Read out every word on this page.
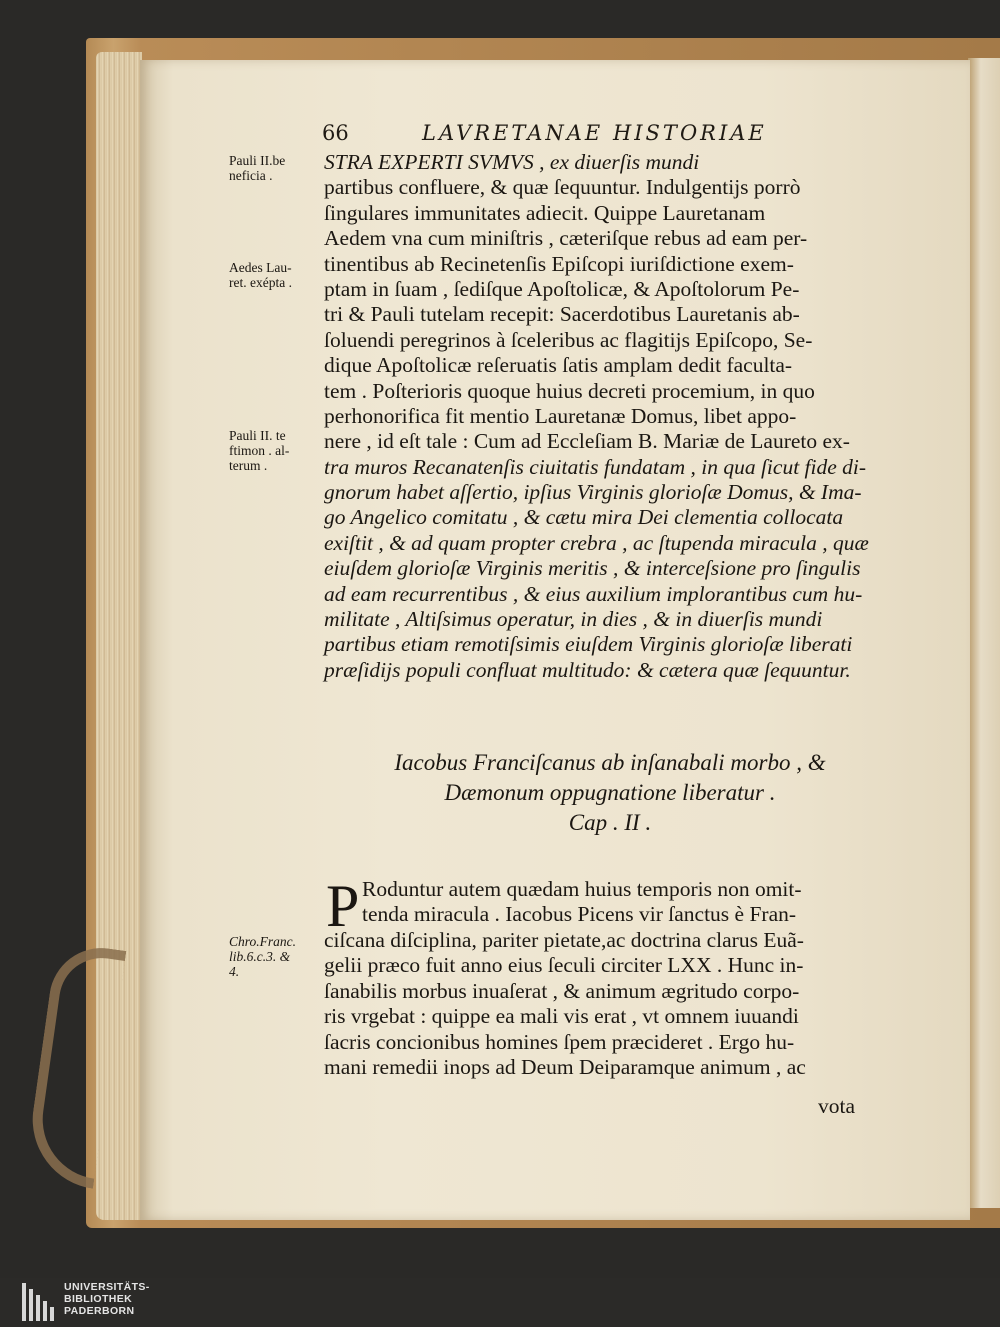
66	LAVRETANAE HISTORIAE
Pauli II.be
neficia .
Aedes Lau-
ret. exépta .
Pauli II. te
ftimon . al-
terum .
Chro.Franc.
lib.6.c.3. &
4.
STRA EXPERTI SVMVS , ex diuerſis mundi
partibus confluere, & quæ ſequuntur. Indulgentijs porrò
ſingulares immunitates adiecit. Quippe Lauretanam
Aedem vna cum miniſtris , cæteriſque rebus ad eam per-
tinentibus ab Recinetenſis Epiſcopi iuriſdictione exem-
ptam in ſuam , ſediſque Apoſtolicæ, & Apoſtolorum Pe-
tri & Pauli tutelam recepit: Sacerdotibus Lauretanis ab-
ſoluendi peregrinos à ſceleribus ac flagitijs Epiſcopo, Se-
dique Apoſtolicæ reſeruatis ſatis amplam dedit faculta-
tem . Poſterioris quoque huius decreti procemium, in quo
perhonorifica fit mentio Lauretanæ Domus, libet appo-
nere , id eſt tale : Cum ad Eccleſiam B. Mariæ de Laureto ex-
tra muros Recanatenſis ciuitatis fundatam , in qua ſicut fide di-
gnorum habet aſſertio, ipſius Virginis glorioſæ Domus, & Ima-
go Angelico comitatu , & cætu mira Dei clementia collocata
exiſtit , & ad quam propter crebra , ac ſtupenda miracula , quæ
eiuſdem glorioſæ Virginis meritis , & interceſsione pro ſingulis
ad eam recurrentibus , & eius auxilium implorantibus cum hu-
militate , Altiſsimus operatur, in dies , & in diuerſis mundi
partibus etiam remotiſsimis eiuſdem Virginis glorioſæ liberati
præſidijs populi confluat multitudo: & cætera quæ ſequuntur.
Iacobus Franciſcanus ab inſanabali morbo , &
Dæmonum oppugnatione liberatur .
Cap . II .
P Roduntur autem quædam huius temporis non omit-
tenda miracula . Iacobus Picens vir ſanctus è Fran-
ciſcana diſciplina, pariter pietate,ac doctrina clarus Euã-
gelii præco fuit anno eius ſeculi circiter LXX . Hunc in-
ſanabilis morbus inuaſerat , & animum ægritudo corpo-
ris vrgebat : quippe ea mali vis erat , vt omnem iuuandi
ſacris concionibus homines ſpem præcideret . Ergo hu-
mani remedii inops ad Deum Deiparamque animum , ac
vota
UNIVERSITÄTS-
BIBLIOTHEK
PADERBORN
